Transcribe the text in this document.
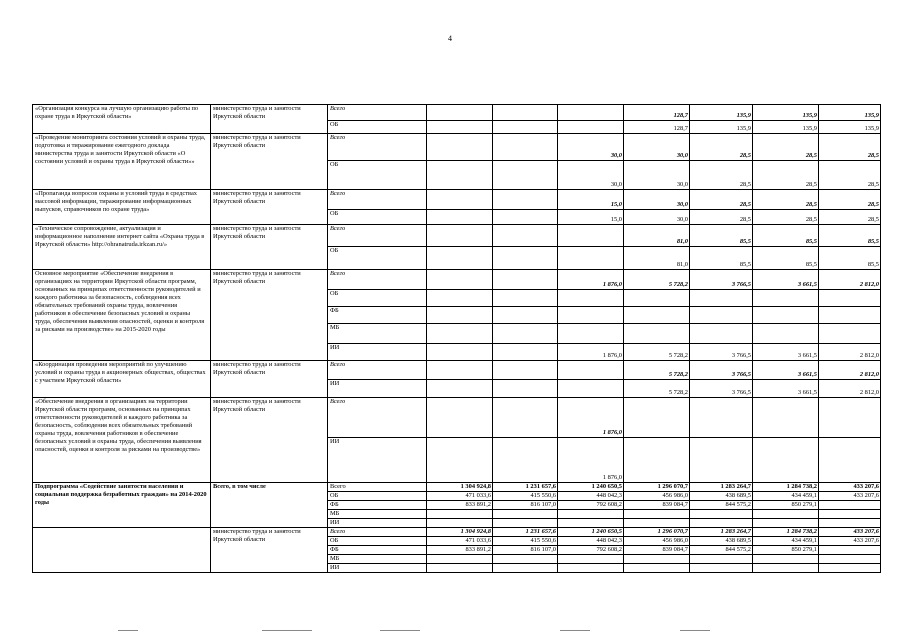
4
«Организация конкурса на лучшую организацию работы по охране труда в Иркутской области»	министерство труда и занятости Иркутской области	Всего				128,7	135,9	135,9	135,9
		ОБ				128,7	135,9	135,9	135,9
«Проведение мониторинга состояния условий и охраны труда, подготовка и тиражирование ежегодного доклада министерства труда и занятости Иркутской области «О состоянии условий и охраны труда в Иркутской области»»	министерство труда и занятости Иркутской области	Всего			30,0	30,0	28,5	28,5	28,5
		ОБ			30,0	30,0	28,5	28,5	28,5
«Пропаганда вопросов охраны и условий труда в средствах массовой информации, тиражирование информационных выпусков, справочников по охране труда»	министерство труда и занятости Иркутской области	Всего			15,0	30,0	28,5	28,5	28,5
		ОБ			15,0	30,0	28,5	28,5	28,5
«Техническое сопровождение, актуализация и информационное наполнение интернет сайта «Охрана труда в Иркутской области» http://ohranatruda.irkzan.ru/»	министерство труда и занятости Иркутской области	Всего				81,0	85,5	85,5	85,5
		ОБ				81,0	85,5	85,5	85,5
Основное мероприятие «Обеспечение внедрения в организациях на территории Иркутской области программ, основанных на принципах ответственности руководителей и каждого работника за безопасность, соблюдения всех обязательных требований охраны труда, вовлечения работников в обеспечение безопасных условий и охраны труда, обеспечения выявления опасностей, оценки и контроля за рисками на производстве» на 2015-2020 годы	министерство труда и занятости Иркутской области	Всего			1 876,0	5 728,2	3 766,5	3 661,5	2 812,0
		ОБ							
		ФБ							
		МБ							
		ИИ			1 876,0	5 728,2	3 766,5	3 661,5	2 812,0
«Координация проведения мероприятий по улучшению условий и охраны труда в акционерных обществах, обществах с участием Иркутской области»	министерство труда и занятости Иркутской области	Всего				5 728,2	3 766,5	3 661,5	2 812,0
		ИИ				5 728,2	3 766,5	3 661,5	2 812,0
«Обеспечение внедрения в организациях на территории Иркутской области программ, основанных на принципах ответственности руководителей и каждого работника за безопасность, соблюдения всех обязательных требований охраны труда, вовлечения работников в обеспечение безопасных условий и охраны труда, обеспечения выявления опасностей, оценки и контроля за рисками на производстве»	министерство труда и занятости Иркутской области	Всего			1 876,0				
		ИИ			1 876,0				
Подпрограмма «Содействие занятости населения и социальная поддержка безработных граждан» на 2014-2020 годы	Всего, в том числе	Всего	1 304 924,8	1 231 657,6	1 240 650,5	1 296 070,7	1 283 264,7	1 284 738,2	433 207,6
		ОБ	471 033,6	415 550,6	448 042,3	456 986,0	438 689,5	434 459,1	433 207,6
		ФБ	833 891,2	816 107,0	792 608,2	839 084,7	844 575,2	850 279,1	
		МБ							
		ИИ							
	министерство труда и занятости Иркутской области	Всего	1 304 924,8	1 231 657,6	1 240 650,5	1 296 070,7	1 283 264,7	1 284 738,2	433 207,6
		ОБ	471 033,6	415 550,6	448 042,3	456 986,0	438 689,5	434 459,1	433 207,6
		ФБ	833 891,2	816 107,0	792 608,2	839 084,7	844 575,2	850 279,1	
		МБ							
		ИИ							
